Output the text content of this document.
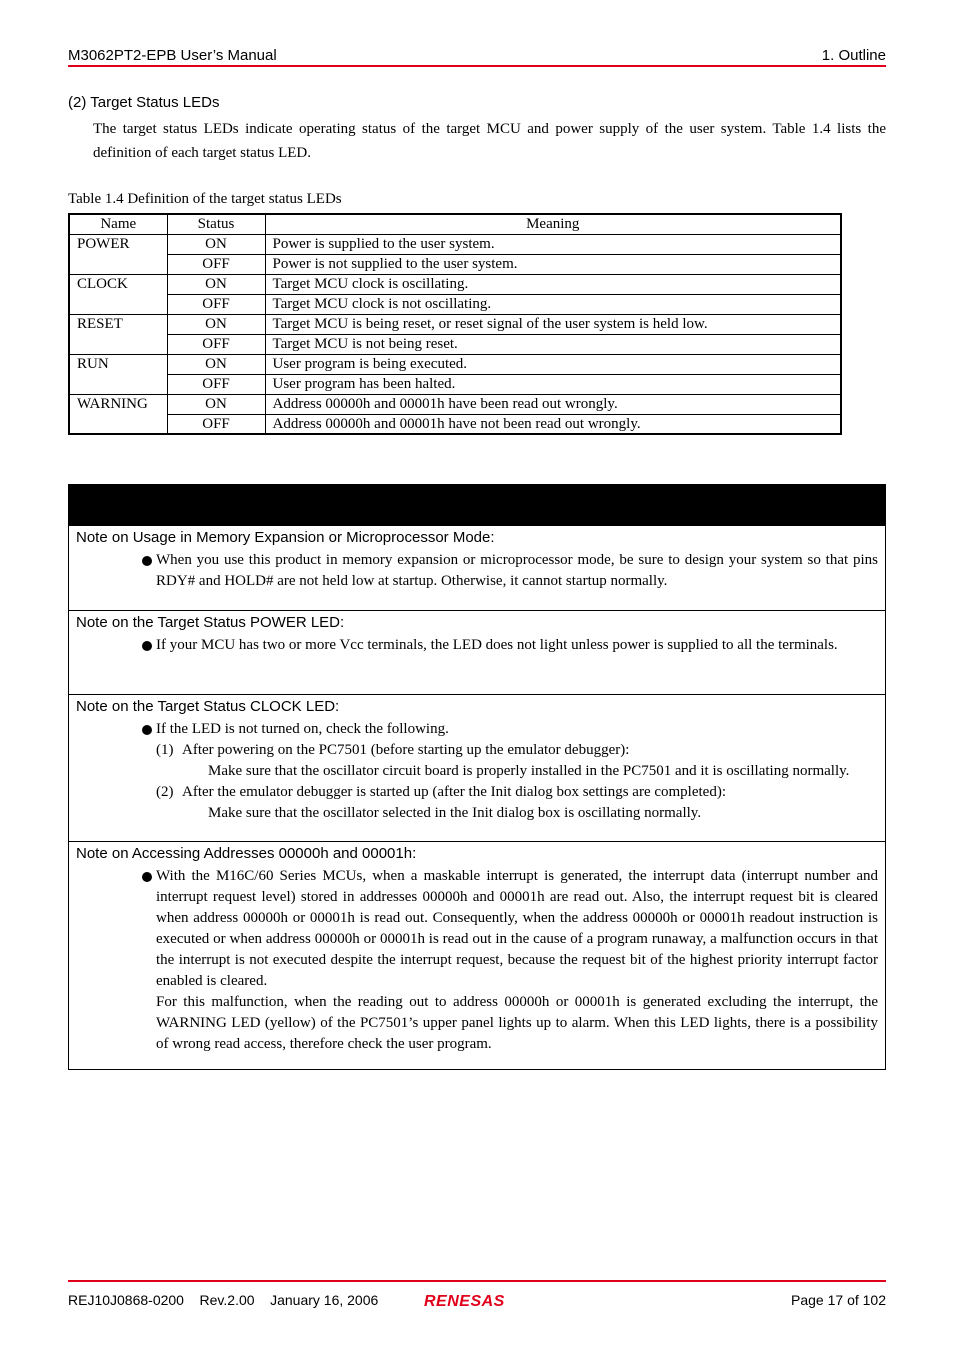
M3062PT2-EPB User’s Manual	1. Outline
(2) Target Status LEDs

The target status LEDs indicate operating status of the target MCU and power supply of the user system. Table 1.4 lists the definition of each target status LED.

Table 1.4 Definition of the target status LEDs
Name	Status	Meaning
POWER	ON	Power is supplied to the user system.
	OFF	Power is not supplied to the user system.
CLOCK	ON	Target MCU clock is oscillating.
	OFF	Target MCU clock is not oscillating.
RESET	ON	Target MCU is being reset, or reset signal of the user system is held low.
	OFF	Target MCU is not being reset.
RUN	ON	User program is being executed.
	OFF	User program has been halted.
WARNING	ON	Address 00000h and 00001h have been read out wrongly.
	OFF	Address 00000h and 00001h have not been read out wrongly.
Note on Usage in Memory Expansion or Microprocessor Mode:
When you use this product in memory expansion or microprocessor mode, be sure to design your system so that pins RDY# and HOLD# are not held low at startup. Otherwise, it cannot startup normally.
Note on the Target Status POWER LED:
If your MCU has two or more Vcc terminals, the LED does not light unless power is supplied to all the terminals.
Note on the Target Status CLOCK LED:
If the LED is not turned on, check the following.
(1) After powering on the PC7501 (before starting up the emulator debugger):
Make sure that the oscillator circuit board is properly installed in the PC7501 and it is oscillating normally.
(2) After the emulator debugger is started up (after the Init dialog box settings are completed):
Make sure that the oscillator selected in the Init dialog box is oscillating normally.
Note on Accessing Addresses 00000h and 00001h:
With the M16C/60 Series MCUs, when a maskable interrupt is generated, the interrupt data (interrupt number and interrupt request level) stored in addresses 00000h and 00001h are read out. Also, the interrupt request bit is cleared when address 00000h or 00001h is read out. Consequently, when the address 00000h or 00001h readout instruction is executed or when address 00000h or 00001h is read out in the cause of a program runaway, a malfunction occurs in that the interrupt is not executed despite the interrupt request, because the request bit of the highest priority interrupt factor enabled is cleared.
For this malfunction, when the reading out to address 00000h or 00001h is generated excluding the interrupt, the WARNING LED (yellow) of the PC7501’s upper panel lights up to alarm. When this LED lights, there is a possibility of wrong read access, therefore check the user program.
REJ10J0868-0200    Rev.2.00    January 16, 2006	RENESAS	Page 17 of 102
